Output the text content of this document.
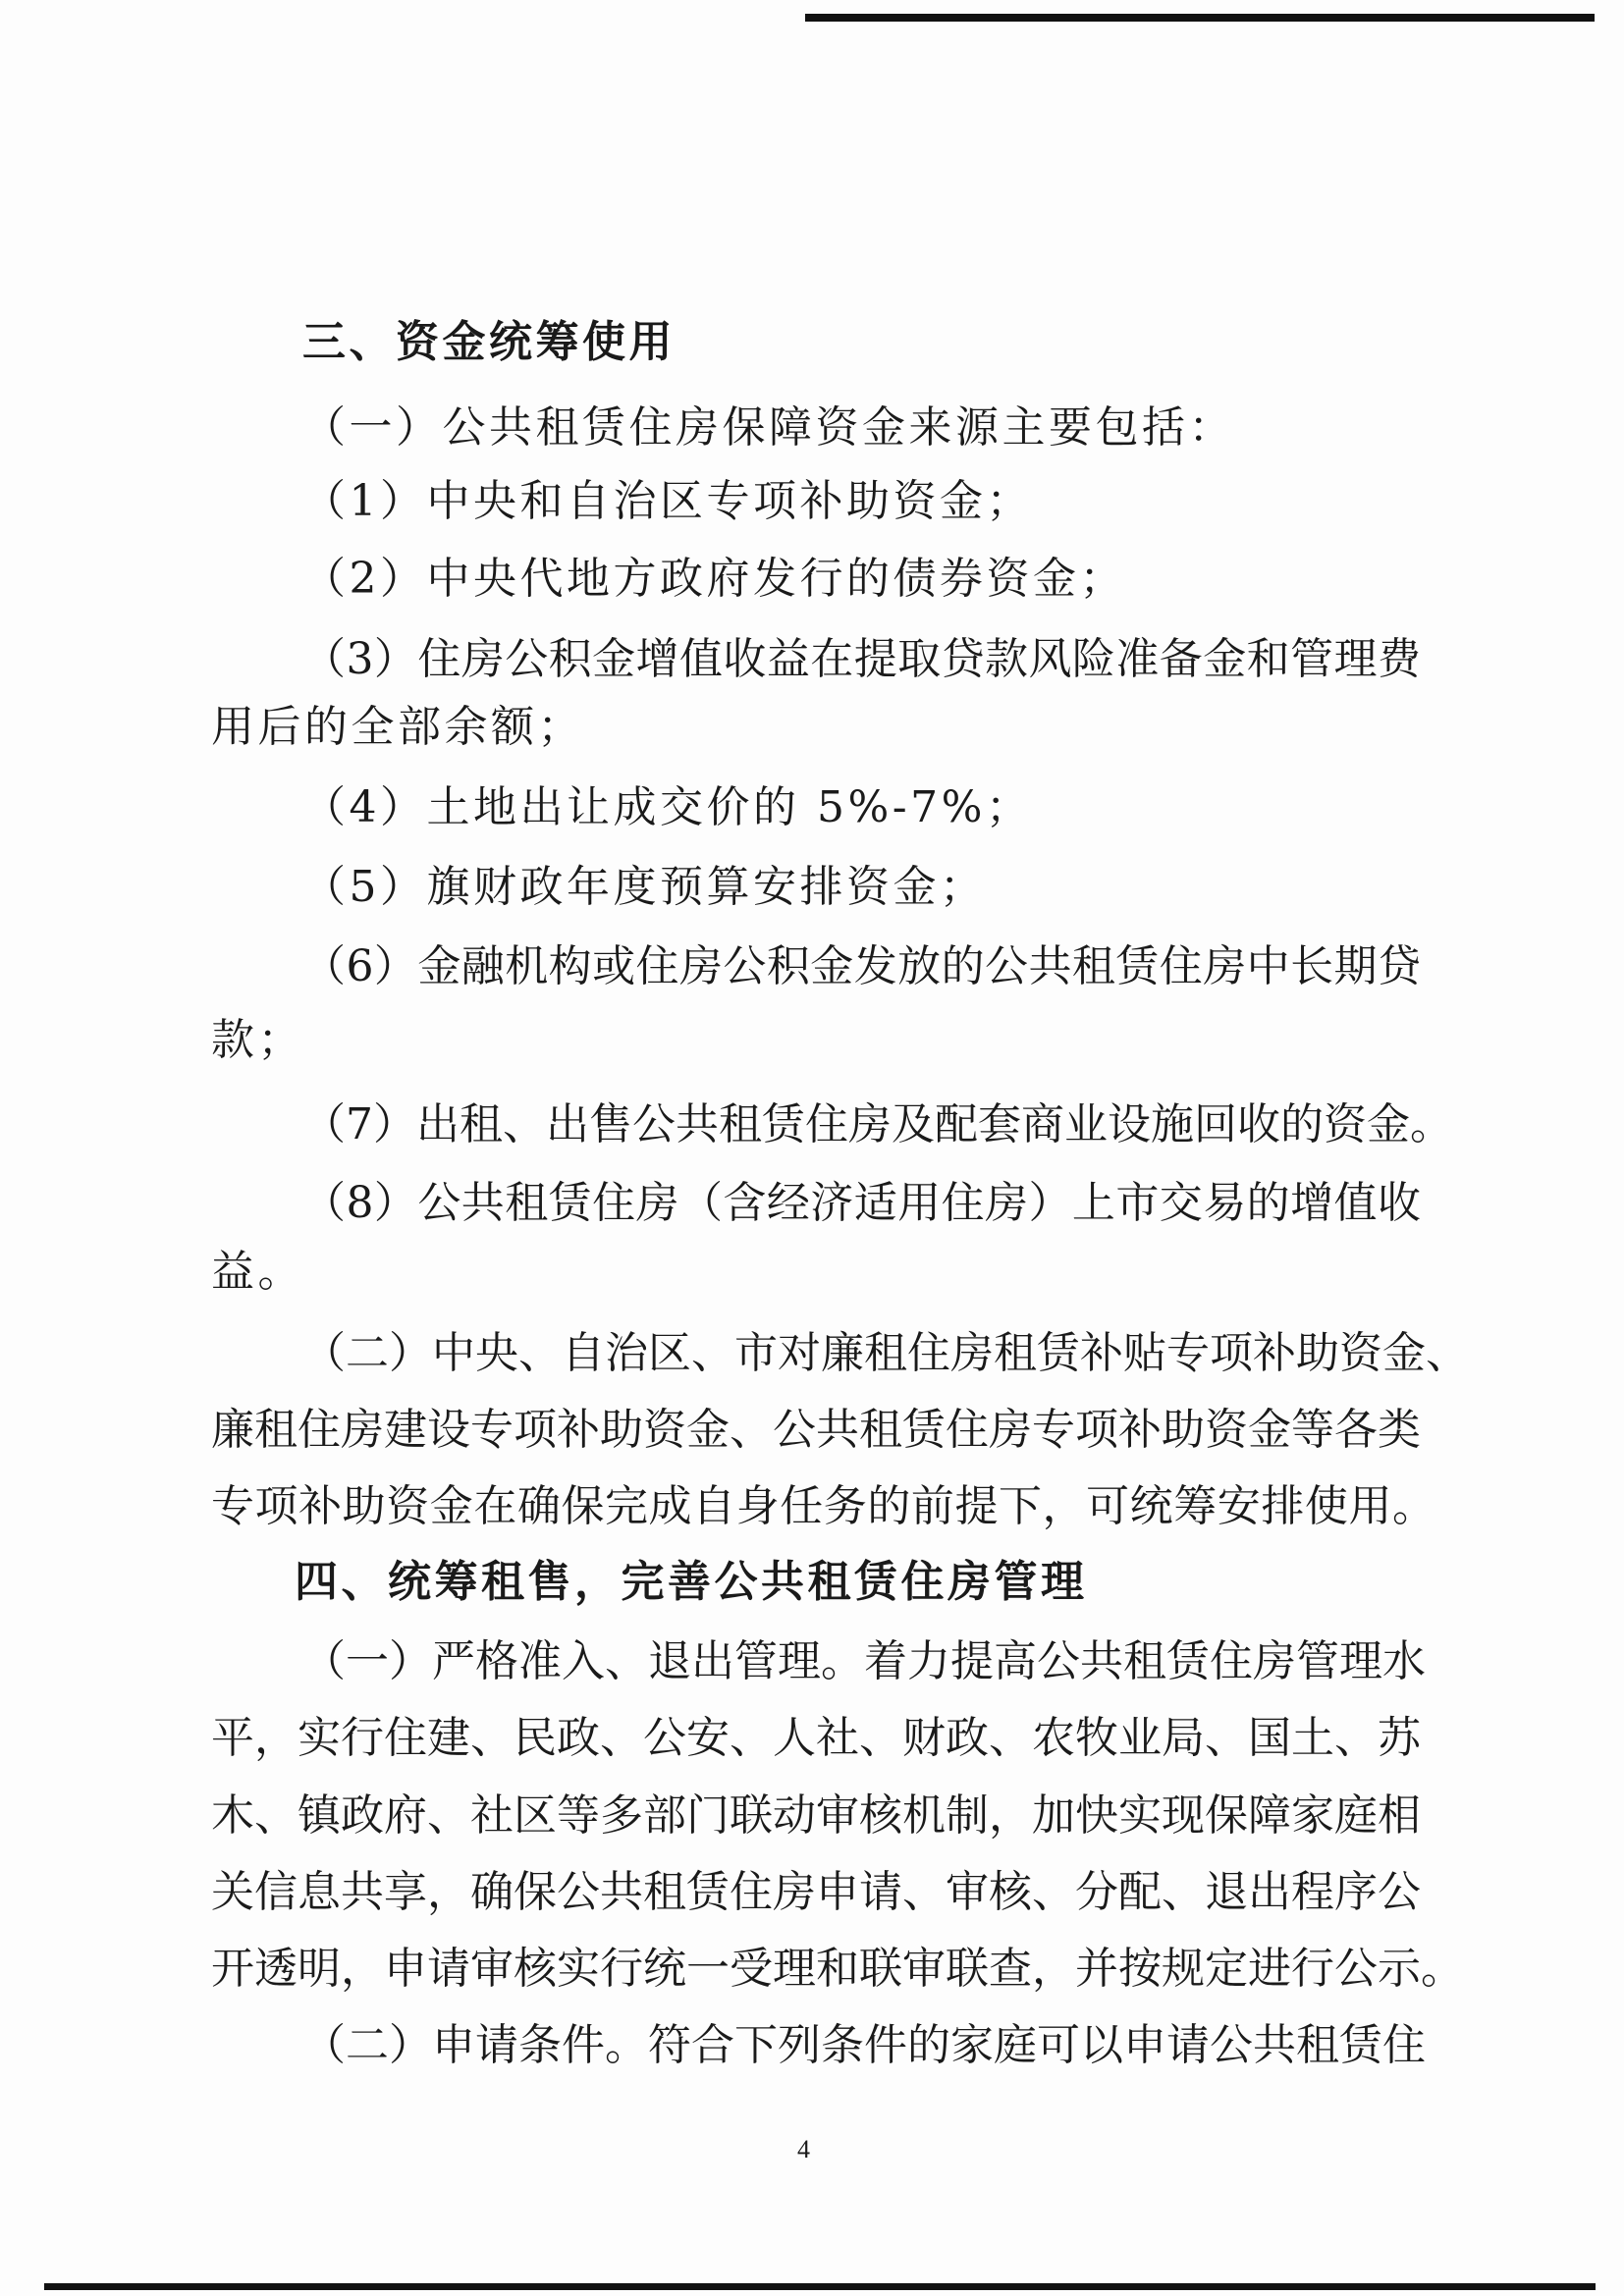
三、资金统筹使用
（一）公共租赁住房保障资金来源主要包括：
（1）中央和自治区专项补助资金；
（2）中央代地方政府发行的债券资金；
（3）住房公积金增值收益在提取贷款风险准备金和管理费
用后的全部余额；
（4）土地出让成交价的 5%-7%；
（5）旗财政年度预算安排资金；
（6）金融机构或住房公积金发放的公共租赁住房中长期贷
款；
（7）出租、出售公共租赁住房及配套商业设施回收的资金。
（8）公共租赁住房（含经济适用住房）上市交易的增值收
益。
（二）中央、自治区、市对廉租住房租赁补贴专项补助资金、
廉租住房建设专项补助资金、公共租赁住房专项补助资金等各类
专项补助资金在确保完成自身任务的前提下，可统筹安排使用。
四、统筹租售，完善公共租赁住房管理
（一）严格准入、退出管理。着力提高公共租赁住房管理水
平，实行住建、民政、公安、人社、财政、农牧业局、国土、苏
木、镇政府、社区等多部门联动审核机制，加快实现保障家庭相
关信息共享，确保公共租赁住房申请、审核、分配、退出程序公
开透明，申请审核实行统一受理和联审联查，并按规定进行公示。
（二）申请条件。符合下列条件的家庭可以申请公共租赁住
4
